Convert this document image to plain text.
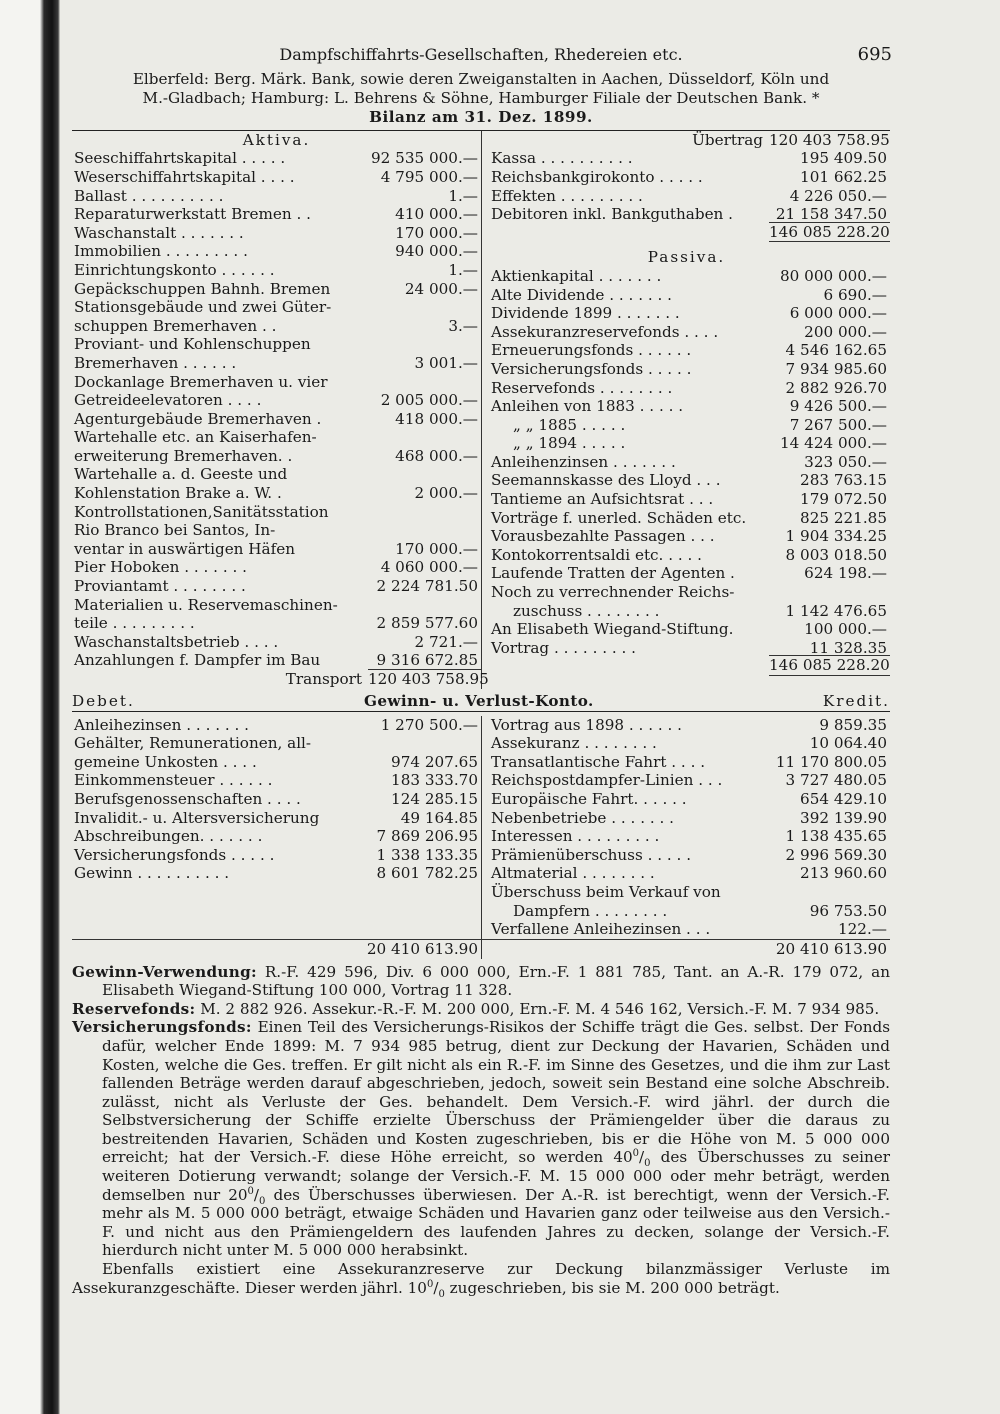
Dampfschiffahrts-Gesellschaften, Rhedereien etc.	695

Elberfeld: Berg. Märk. Bank, sowie deren Zweiganstalten in Aachen, Düsseldorf, Köln und

M.-Gladbach; Hamburg: L. Behrens & Söhne, Hamburger Filiale der Deutschen Bank. *

Bilanz am 31. Dez. 1899.
Aktiva.
Seeschiffahrtskapital . . . . .	92 535 000.—
Weserschiffahrtskapital . . . .	4 795 000.—
Ballast . . . . . . . . . .	1.—
Reparaturwerkstatt Bremen . .	410 000.—
Waschanstalt . . . . . . .	170 000.—
Immobilien . . . . . . . . .	940 000.—
Einrichtungskonto . . . . . .	1.—
Gepäckschuppen Bahnh. Bremen	24 000.—
Stationsgebäude und zwei Güter-
schuppen Bremerhaven . .	3.—
Proviant- und Kohlenschuppen
Bremerhaven . . . . . .	3 001.—
Dockanlage Bremerhaven u. vier
Getreideelevatoren . . . .	2 005 000.—
Agenturgebäude Bremerhaven .	418 000.—
Wartehalle etc. an Kaiserhafen-
erweiterung Bremerhaven. .	468 000.—
Wartehalle a. d. Geeste und
Kohlenstation Brake a. W. .	2 000.—
Kontrollstationen,Sanitätsstation
Rio Branco bei Santos, In-
ventar in auswärtigen Häfen	170 000.—
Pier Hoboken . . . . . . .	4 060 000.—
Proviantamt . . . . . . . .	2 224 781.50
Materialien u. Reservemaschinen-
teile . . . . . . . . .	2 859 577.60
Waschanstaltsbetrieb . . . .	2 721.—
Anzahlungen f. Dampfer im Bau	9 316 672.85
Transport 120 403 758.95
Übertrag 120 403 758.95
Kassa . . . . . . . . . .	195 409.50
Reichsbankgirokonto . . . . .	101 662.25
Effekten . . . . . . . . .	4 226 050.—
Debitoren inkl. Bankguthaben .	21 158 347.50
146 085 228.20
Passiva.
Aktienkapital . . . . . . .	80 000 000.—
Alte Dividende . . . . . . .	6 690.—
Dividende 1899 . . . . . . .	6 000 000.—
Assekuranzreservefonds . . . .	200 000.—
Erneuerungsfonds . . . . . .	4 546 162.65
Versicherungsfonds . . . . .	7 934 985.60
Reservefonds . . . . . . . .	2 882 926.70
Anleihen von 1883 . . . . .	9 426 500.—
„ „ 1885 . . . . .	7 267 500.—
„ „ 1894 . . . . .	14 424 000.—
Anleihenzinsen . . . . . . .	323 050.—
Seemannskasse des Lloyd . . .	283 763.15
Tantieme an Aufsichtsrat . . .	179 072.50
Vorträge f. unerled. Schäden etc.	825 221.85
Vorausbezahlte Passagen . . .	1 904 334.25
Kontokorrentsaldi etc. . . . .	8 003 018.50
Laufende Tratten der Agenten .	624 198.—
Noch zu verrechnender Reichs-
zuschuss . . . . . . . .	1 142 476.65
An Elisabeth Wiegand-Stiftung.	100 000.—
Vortrag . . . . . . . . .	11 328.35
146 085 228.20
Debet.	Gewinn- u. Verlust-Konto.	Kredit.
Anleihezinsen . . . . . . .	1 270 500.—
Gehälter, Remunerationen, all-
gemeine Unkosten . . . .	974 207.65
Einkommensteuer . . . . . .	183 333.70
Berufsgenossenschaften . . . .	124 285.15
Invalidit.- u. Altersversicherung	49 164.85
Abschreibungen. . . . . . .	7 869 206.95
Versicherungsfonds . . . . .	1 338 133.35
Gewinn . . . . . . . . . .	8 601 782.25
Vortrag aus 1898 . . . . . .	9 859.35
Assekuranz . . . . . . . .	10 064.40
Transatlantische Fahrt . . . .	11 170 800.05
Reichspostdampfer-Linien . . .	3 727 480.05
Europäische Fahrt. . . . . .	654 429.10
Nebenbetriebe . . . . . . .	392 139.90
Interessen . . . . . . . . .	1 138 435.65
Prämienüberschuss . . . . .	2 996 569.30
Altmaterial . . . . . . . .	213 960.60
Überschuss beim Verkauf von
Dampfern . . . . . . . .	96 753.50
Verfallene Anleihezinsen . . .	122.—
20 410 613.90	20 410 613.90

Gewinn-Verwendung: R.-F. 429 596, Div. 6 000 000, Ern.-F. 1 881 785, Tant. an A.-R. 179 072, an Elisabeth Wiegand-Stiftung 100 000, Vortrag 11 328.

Reservefonds: M. 2 882 926. Assekur.-R.-F. M. 200 000, Ern.-F. M. 4 546 162, Versich.-F. M. 7 934 985.

Versicherungsfonds: Einen Teil des Versicherungs-Risikos der Schiffe trägt die Ges. selbst. Der Fonds dafür, welcher Ende 1899: M. 7 934 985 betrug, dient zur Deckung der Havarien, Schäden und Kosten, welche die Ges. treffen. Er gilt nicht als ein R.-F. im Sinne des Gesetzes, und die ihm zur Last fallenden Beträge werden darauf abgeschrieben, jedoch, soweit sein Bestand eine solche Abschreib. zulässt, nicht als Verluste der Ges. behandelt. Dem Versich.-F. wird jährl. der durch die Selbstversicherung der Schiffe erzielte Überschuss der Prämiengelder über die daraus zu bestreitenden Havarien, Schäden und Kosten zugeschrieben, bis er die Höhe von M. 5 000 000 erreicht; hat der Versich.-F. diese Höhe erreicht, so werden $40^0/_0$ des Überschusses zu seiner weiteren Dotierung verwandt; solange der Versich.-F. M. 15 000 000 oder mehr beträgt, werden demselben nur $20^0/_0$ des Überschusses überwiesen. Der A.-R. ist berechtigt, wenn der Versich.-F. mehr als M. 5 000 000 beträgt, etwaige Schäden und Havarien ganz oder teilweise aus den Versich.-F. und nicht aus den Prämiengeldern des laufenden Jahres zu decken, solange der Versich.-F. hierdurch nicht unter M. 5 000 000 herabsinkt.

Ebenfalls existiert eine Assekuranzreserve zur Deckung bilanzmässiger Verluste im Assekuranzgeschäfte. Dieser werden jährl. $10^0/_0$ zugeschrieben, bis sie M. 200 000 beträgt.
